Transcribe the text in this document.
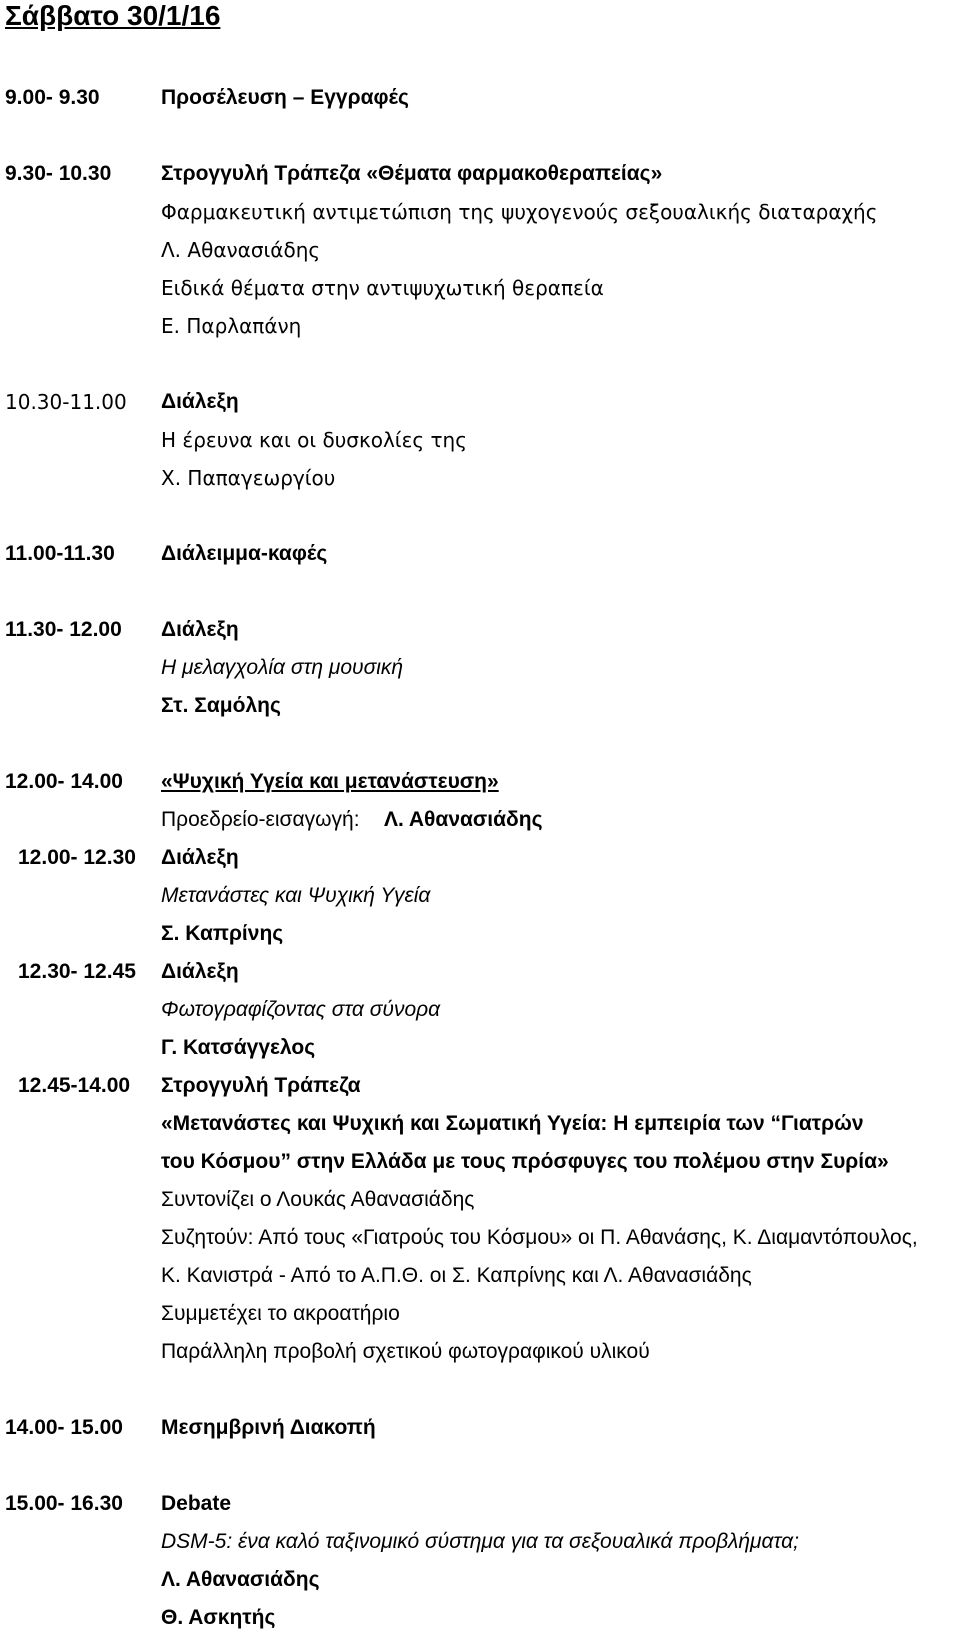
Σάββατο 30/1/16
9.00- 9.30	Προσέλευση – Εγγραφές
9.30- 10.30 Στρογγυλή Τράπεζα «Θέματα φαρμακοθεραπείας»
Φαρμακευτική αντιμετώπιση της ψυχογενούς σεξουαλικής διαταραχής
Λ. Αθανασιάδης
Ειδικά θέματα στην αντιψυχωτική θεραπεία
Ε. Παρλαπάνη
10.30-11.00 Διάλεξη
Η έρευνα και οι δυσκολίες της
Χ. Παπαγεωργίου
11.00-11.30 Διάλειμμα-καφές
11.30- 12.00 Διάλεξη
Η μελαγχολία στη μουσική
Στ. Σαμόλης
12.00- 14.00 «Ψυχική Υγεία και μετανάστευση»
Προεδρείο-εισαγωγή: Λ. Αθανασιάδης
12.00- 12.30 Διάλεξη
Μετανάστες και Ψυχική Υγεία
Σ. Καπρίνης
12.30- 12.45 Διάλεξη
Φωτογραφίζοντας στα σύνορα
Γ. Κατσάγγελος
12.45-14.00 Στρογγυλή Τράπεζα
«Μετανάστες και Ψυχική και Σωματική Υγεία: Η εμπειρία των “Γιατρών
του Κόσμου” στην Ελλάδα με τους πρόσφυγες του πολέμου στην Συρία»
Συντονίζει ο Λουκάς Αθανασιάδης
Συζητούν: Από τους «Γιατρούς του Κόσμου» οι Π. Αθανάσης, Κ. Διαμαντόπουλος,
Κ. Κανιστρά - Από το Α.Π.Θ. οι Σ. Καπρίνης και Λ. Αθανασιάδης
Συμμετέχει το ακροατήριο
Παράλληλη προβολή σχετικού φωτογραφικού υλικού
14.00- 15.00 Μεσημβρινή Διακοπή
15.00- 16.30 Debate
DSM-5: ένα καλό ταξινομικό σύστημα για τα σεξουαλικά προβλήματα;
Λ. Αθανασιάδης
Θ. Ασκητής
